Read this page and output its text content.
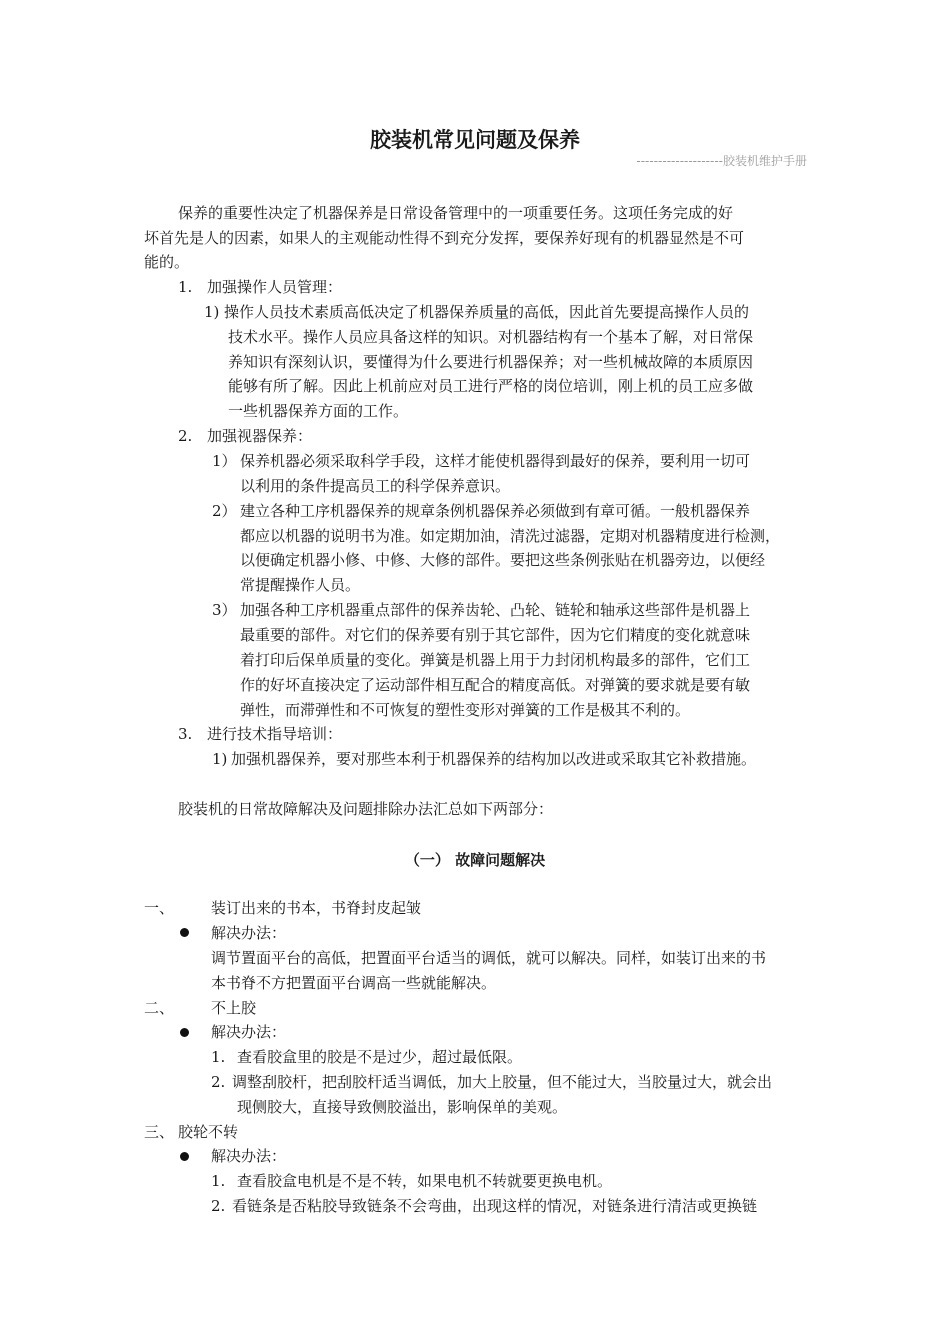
胶装机常见问题及保养
--------------------胶装机维护手册
保养的重要性决定了机器保养是日常设备管理中的一项重要任务。这项任务完成的好
坏首先是人的因素，如果人的主观能动性得不到充分发挥，要保养好现有的机器显然是不可
能的。
1. 加强操作人员管理：
1) 操作人员技术素质高低决定了机器保养质量的高低，因此首先要提高操作人员的
技术水平。操作人员应具备这样的知识。对机器结构有一个基本了解，对日常保
养知识有深刻认识，要懂得为什么要进行机器保养；对一些机械故障的本质原因
能够有所了解。因此上机前应对员工进行严格的岗位培训，刚上机的员工应多做
一些机器保养方面的工作。
2. 加强视器保养：
1） 保养机器必须采取科学手段，这样才能使机器得到最好的保养，要利用一切可
以利用的条件提高员工的科学保养意识。
2） 建立各种工序机器保养的规章条例机器保养必须做到有章可循。一般机器保养
都应以机器的说明书为准。如定期加油，清洗过滤器，定期对机器精度进行检测，
以便确定机器小修、中修、大修的部件。要把这些条例张贴在机器旁边，以便经
常提醒操作人员。
3） 加强各种工序机器重点部件的保养齿轮、凸轮、链轮和轴承这些部件是机器上
最重要的部件。对它们的保养要有别于其它部件，因为它们精度的变化就意味
着打印后保单质量的变化。弹簧是机器上用于力封闭机构最多的部件，它们工
作的好坏直接决定了运动部件相互配合的精度高低。对弹簧的要求就是要有敏
弹性，而滞弹性和不可恢复的塑性变形对弹簧的工作是极其不利的。
3. 进行技术指导培训：
1) 加强机器保养，要对那些本利于机器保养的结构加以改进或采取其它补救措施。
胶装机的日常故障解决及问题排除办法汇总如下两部分：
（一） 故障问题解决
一、 装订出来的书本，书脊封皮起皱
解决办法：
调节置面平台的高低，把置面平台适当的调低，就可以解决。同样，如装订出来的书
本书脊不方把置面平台调高一些就能解决。
二、 不上胶
解决办法：
1. 查看胶盒里的胶是不是过少，超过最低限。
2. 调整刮胶杆，把刮胶杆适当调低，加大上胶量，但不能过大，当胶量过大，就会出
现侧胶大，直接导致侧胶溢出，影响保单的美观。
三、 胶轮不转
解决办法：
1. 查看胶盒电机是不是不转，如果电机不转就要更换电机。
2. 看链条是否粘胶导致链条不会弯曲，出现这样的情况，对链条进行清洁或更换链
